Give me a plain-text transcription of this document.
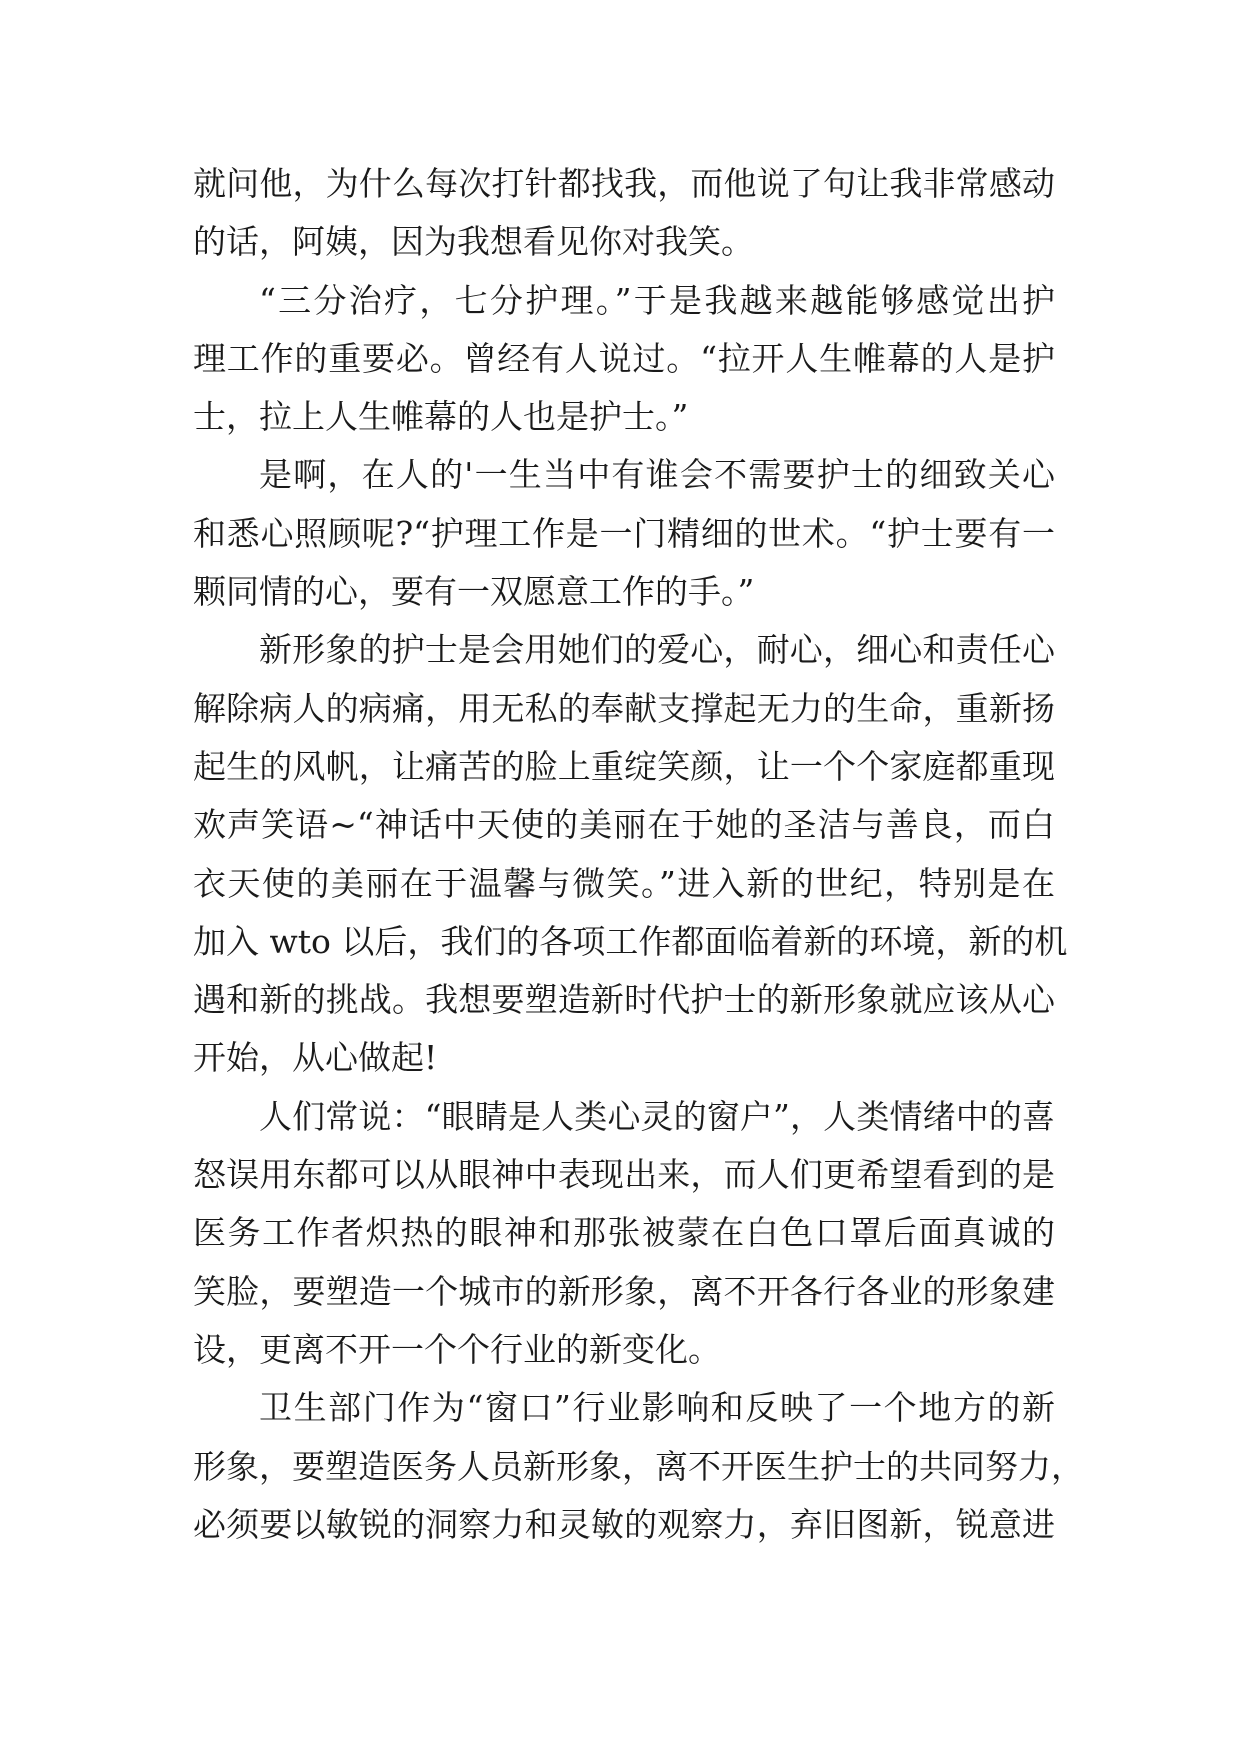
就问他，为什么每次打针都找我，而他说了句让我非常感动
的话，阿姨，因为我想看见你对我笑。
“三分治疗，七分护理。”于是我越来越能够感觉出护
理工作的重要必。曾经有人说过。“拉开人生帷幕的人是护
士，拉上人生帷幕的人也是护士。”
是啊，在人的'一生当中有谁会不需要护士的细致关心
和悉心照顾呢?“护理工作是一门精细的世术。“护士要有一
颗同情的心，要有一双愿意工作的手。”
新形象的护士是会用她们的爱心，耐心，细心和责任心
解除病人的病痛，用无私的奉献支撑起无力的生命，重新扬
起生的风帆，让痛苦的脸上重绽笑颜，让一个个家庭都重现
欢声笑语~“神话中天使的美丽在于她的圣洁与善良，而白
衣天使的美丽在于温馨与微笑。”进入新的世纪，特别是在
加入 wto 以后，我们的各项工作都面临着新的环境，新的机
遇和新的挑战。我想要塑造新时代护士的新形象就应该从心
开始，从心做起!
人们常说：“眼睛是人类心灵的窗户”，人类情绪中的喜
怒误用东都可以从眼神中表现出来，而人们更希望看到的是
医务工作者炽热的眼神和那张被蒙在白色口罩后面真诚的
笑脸，要塑造一个城市的新形象，离不开各行各业的形象建
设，更离不开一个个行业的新变化。
卫生部门作为“窗口”行业影响和反映了一个地方的新
形象，要塑造医务人员新形象，离不开医生护士的共同努力，
必须要以敏锐的洞察力和灵敏的观察力，弃旧图新，锐意进
